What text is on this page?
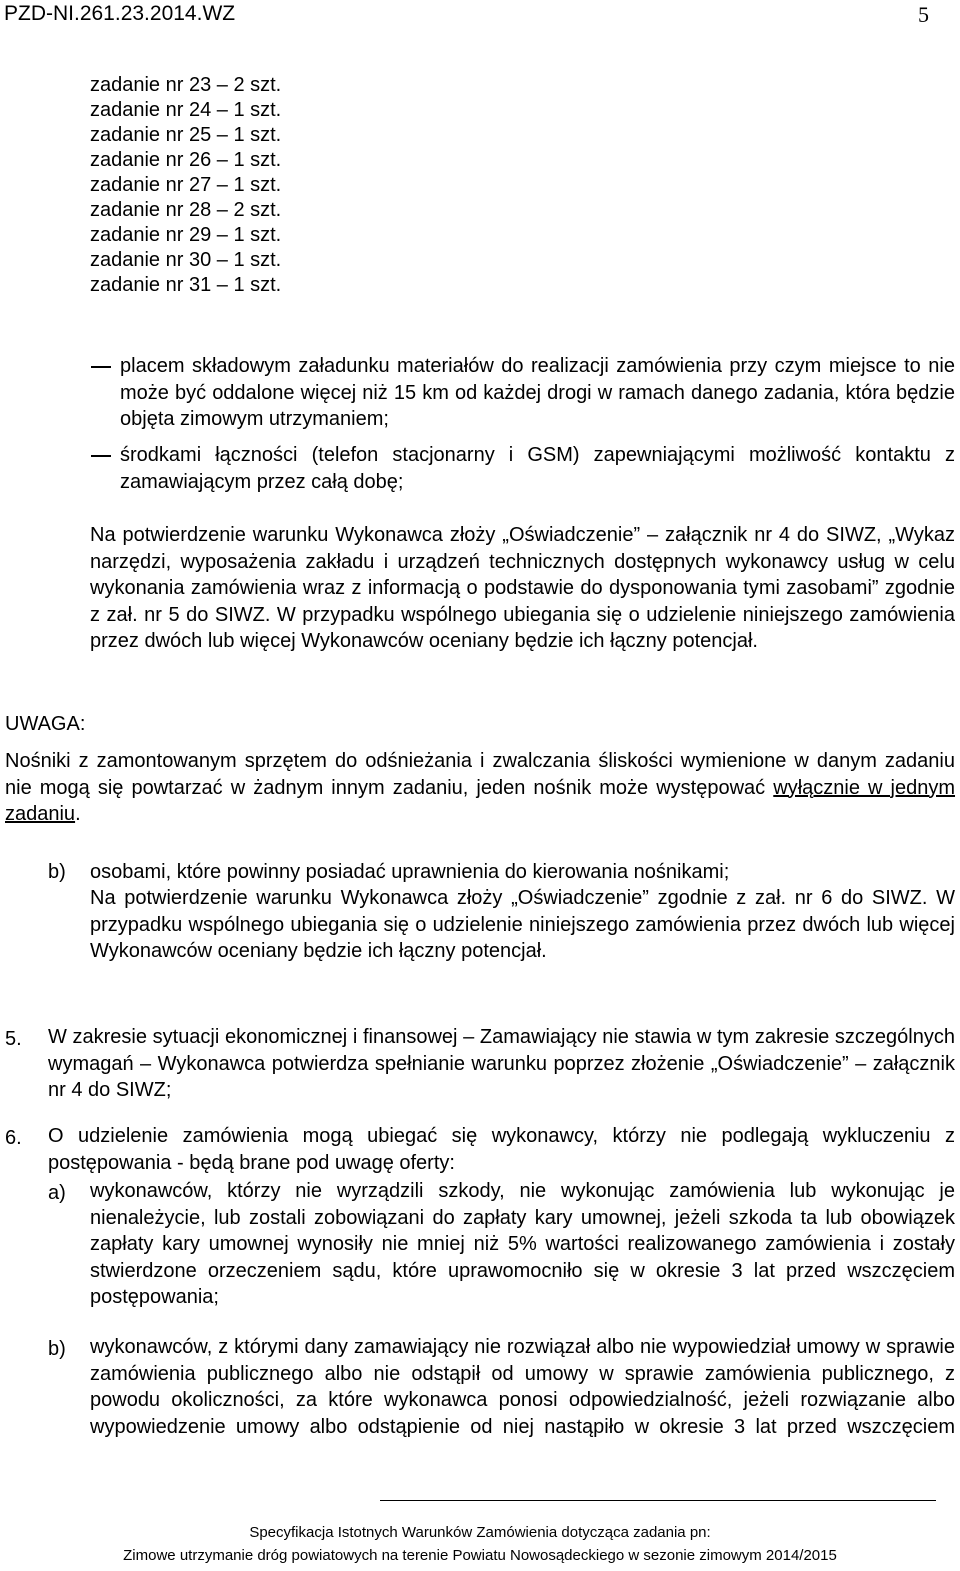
PZD-NI.261.23.2014.WZ	5
zadanie nr 23 – 2 szt.
zadanie nr 24 – 1 szt.
zadanie nr 25 – 1 szt.
zadanie nr 26 – 1 szt.
zadanie nr 27 – 1 szt.
zadanie nr 28 – 2 szt.
zadanie nr 29 – 1 szt.
zadanie nr 30 – 1 szt.
zadanie nr 31 – 1 szt.
placem składowym załadunku materiałów do realizacji zamówienia przy czym miejsce to nie może być oddalone więcej niż 15 km od każdej drogi w ramach danego zadania, która będzie objęta zimowym utrzymaniem;
środkami łączności (telefon stacjonarny i GSM) zapewniającymi możliwość kontaktu z zamawiającym przez całą dobę;
Na potwierdzenie warunku Wykonawca złoży „Oświadczenie” – załącznik nr 4 do SIWZ, „Wykaz narzędzi, wyposażenia zakładu i urządzeń technicznych dostępnych wykonawcy usług w celu wykonania zamówienia wraz z informacją o podstawie do dysponowania tymi zasobami” zgodnie z zał. nr 5 do SIWZ. W przypadku wspólnego ubiegania się o udzielenie niniejszego zamówienia przez dwóch lub więcej Wykonawców oceniany będzie ich łączny potencjał.
UWAGA:
Nośniki z zamontowanym sprzętem do odśnieżania i zwalczania śliskości wymienione w danym zadaniu nie mogą się powtarzać w żadnym innym zadaniu, jeden nośnik może występować wyłącznie w jednym zadaniu.
b) osobami, które powinny posiadać uprawnienia do kierowania nośnikami;
Na potwierdzenie warunku Wykonawca złoży „Oświadczenie” zgodnie z zał. nr 6 do SIWZ. W przypadku wspólnego ubiegania się o udzielenie niniejszego zamówienia przez dwóch lub więcej Wykonawców oceniany będzie ich łączny potencjał.
5. W zakresie sytuacji ekonomicznej i finansowej – Zamawiający nie stawia w tym zakresie szczególnych wymagań – Wykonawca potwierdza spełnianie warunku poprzez złożenie „Oświadczenie” – załącznik nr 4 do SIWZ;
6. O udzielenie zamówienia mogą ubiegać się wykonawcy, którzy nie podlegają wykluczeniu z postępowania - będą brane pod uwagę oferty:
a) wykonawców, którzy nie wyrządzili szkody, nie wykonując zamówienia lub wykonując je nienależycie, lub zostali zobowiązani do zapłaty kary umownej, jeżeli szkoda ta lub obowiązek zapłaty kary umownej wynosiły nie mniej niż 5% wartości realizowanego zamówienia i zostały stwierdzone orzeczeniem sądu, które uprawomocniło się w okresie 3 lat przed wszczęciem postępowania;
b) wykonawców, z którymi dany zamawiający nie rozwiązał albo nie wypowiedział umowy w sprawie zamówienia publicznego albo nie odstąpił od umowy w sprawie zamówienia publicznego, z powodu okoliczności, za które wykonawca ponosi odpowiedzialność, jeżeli rozwiązanie albo wypowiedzenie umowy albo odstąpienie od niej nastąpiło w okresie 3 lat przed wszczęciem
Specyfikacja Istotnych Warunków Zamówienia dotycząca zadania pn:
Zimowe utrzymanie dróg powiatowych na terenie Powiatu Nowosądeckiego w sezonie zimowym 2014/2015
